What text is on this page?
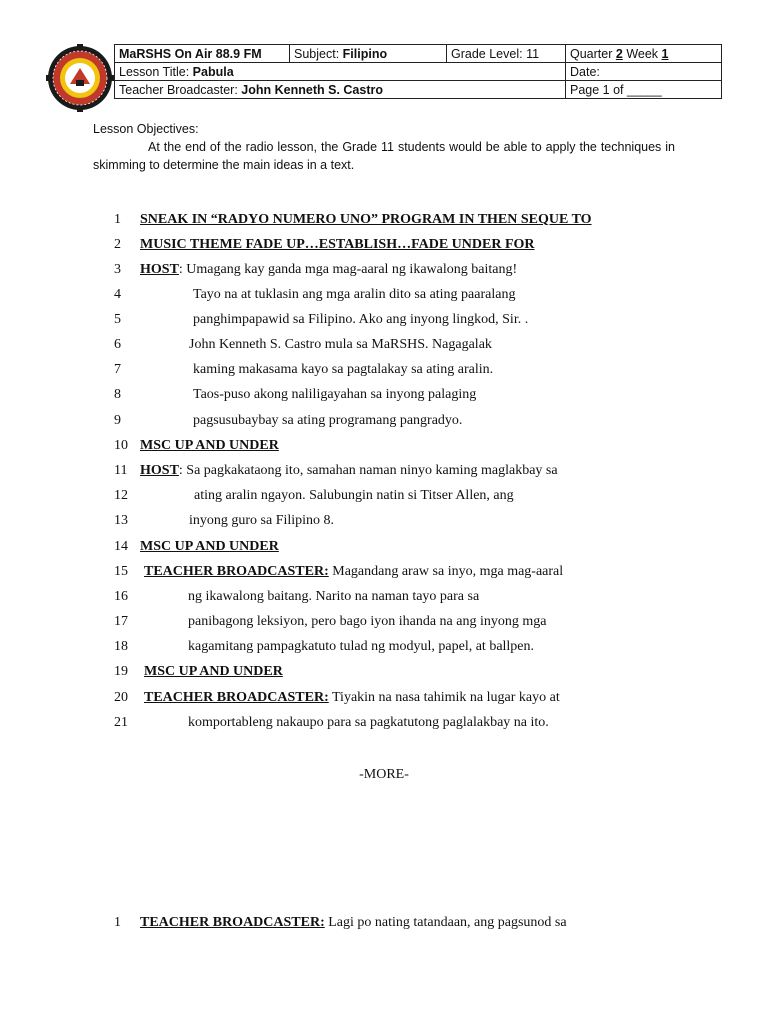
MaRSHS On Air 88.9 FM	Subject: Filipino	Grade Level: 11	Quarter 2 Week 1
Lesson Title: Pabula			Date:
Teacher Broadcaster: John Kenneth S. Castro			Page 1 of _____

Lesson Objectives:

At the end of the radio lesson, the Grade 11 students would be able to apply the techniques in skimming to determine the main ideas in a text.

1 SNEAK IN “RADYO NUMERO UNO” PROGRAM IN THEN SEQUE TO
2 MUSIC THEME FADE UP…ESTABLISH…FADE UNDER FOR
3 HOST: Umagang kay ganda mga mag-aaral ng ikawalong baitang!
4	Tayo na at tuklasin ang mga aralin dito sa ating paaralang
5	panghimpapawid sa Filipino. Ako ang inyong lingkod, Sir. .
6	John Kenneth S. Castro mula sa MaRSHS. Nagagalak
7	kaming makasama kayo sa pagtalakay sa ating aralin.
8	Taos-puso akong naliligayahan sa inyong palaging
9	pagsusubaybay sa ating programang pangradyo.
10 MSC UP AND UNDER
11 HOST: Sa pagkakataong ito, samahan naman ninyo kaming maglakbay sa
12	ating aralin ngayon. Salubungin natin si Titser Allen, ang
13	inyong guro sa Filipino 8.
14 MSC UP AND UNDER
15 TEACHER BROADCASTER: Magandang araw sa inyo, mga mag-aaral
16	ng ikawalong baitang. Narito na naman tayo para sa
17	panibagong leksiyon, pero bago iyon ihanda na ang inyong mga
18	kagamitang pampagkatuto tulad ng modyul, papel, at ballpen.
19 MSC UP AND UNDER
20 TEACHER BROADCASTER: Tiyakin na nasa tahimik na lugar kayo at
21	komportableng nakaupo para sa pagkatutong paglalakbay na ito.
-MORE-
1 TEACHER BROADCASTER: Lagi po nating tatandaan, ang pagsunod sa
